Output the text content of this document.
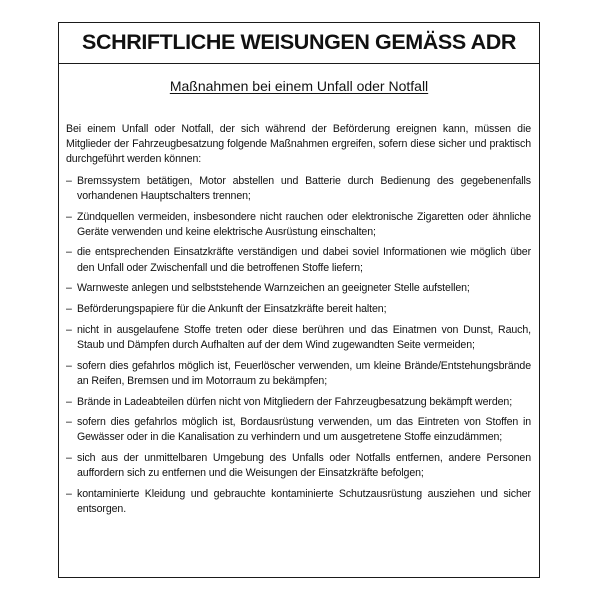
SCHRIFTLICHE WEISUNGEN GEMÄSS ADR
Maßnahmen bei einem Unfall oder Notfall

Bei einem Unfall oder Notfall, der sich während der Beförderung ereignen kann, müssen die Mitglieder der Fahrzeugbesatzung folgende Maßnahmen ergreifen, sofern diese sicher und praktisch durchgeführt werden können:

– Bremssystem betätigen, Motor abstellen und Batterie durch Bedienung des gegebenenfalls vorhandenen Hauptschalters trennen;
– Zündquellen vermeiden, insbesondere nicht rauchen oder elektronische Zigaretten oder ähnliche Geräte verwenden und keine elektrische Ausrüstung einschalten;
– die entsprechenden Einsatzkräfte verständigen und dabei soviel Informationen wie möglich über den Unfall oder Zwischenfall und die betroffenen Stoffe liefern;
– Warnweste anlegen und selbststehende Warnzeichen an geeigneter Stelle aufstellen;
– Beförderungspapiere für die Ankunft der Einsatzkräfte bereit halten;
– nicht in ausgelaufene Stoffe treten oder diese berühren und das Einatmen von Dunst, Rauch, Staub und Dämpfen durch Aufhalten auf der dem Wind zugewandten Seite vermeiden;
– sofern dies gefahrlos möglich ist, Feuerlöscher verwenden, um kleine Brände/Entstehungsbrände an Reifen, Bremsen und im Motorraum zu bekämpfen;
– Brände in Ladeabteilen dürfen nicht von Mitgliedern der Fahrzeugbesatzung bekämpft werden;
– sofern dies gefahrlos möglich ist, Bordausrüstung verwenden, um das Eintreten von Stoffen in Gewässer oder in die Kanalisation zu verhindern und um ausgetretene Stoffe einzudämmen;
– sich aus der unmittelbaren Umgebung des Unfalls oder Notfalls entfernen, andere Personen auffordern sich zu entfernen und die Weisungen der Einsatzkräfte befolgen;
– kontaminierte Kleidung und gebrauchte kontaminierte Schutzausrüstung ausziehen und sicher entsorgen.
